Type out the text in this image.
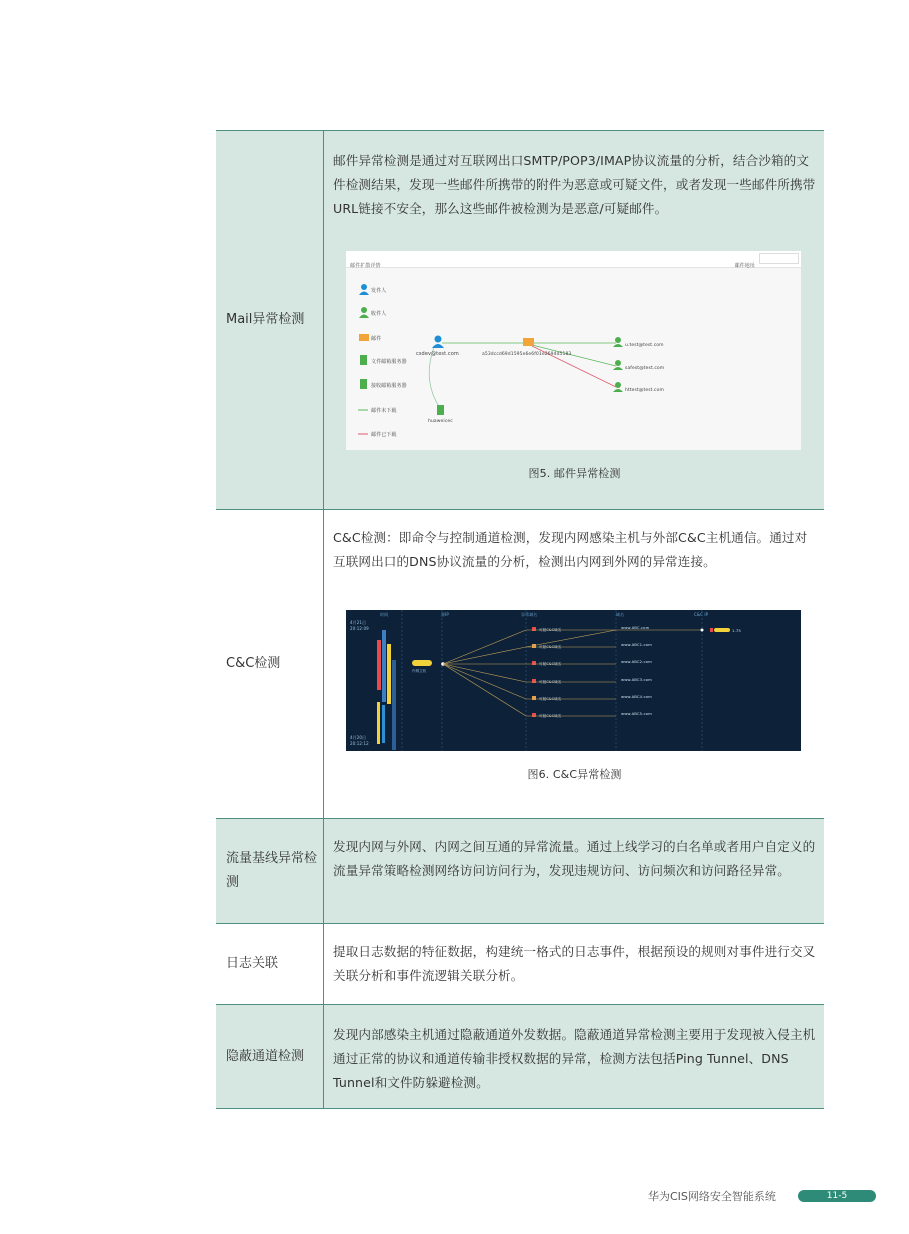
Mail异常检测
邮件异常检测是通过对互联网出口SMTP/POP3/IMAP协议流量的分析，结合沙箱的文件检测结果，发现一些邮件所携带的附件为恶意或可疑文件，或者发现一些邮件所携带URL链接不安全，那么这些邮件被检测为是恶意/可疑邮件。
邮件扩散详情	邮件地址
发件人
收件人
邮件
文件邮箱服务器
接收邮箱服务器
邮件未下载
邮件已下载
csdev@test.com	a53dccd69d1595e6e6f01e2694d5183
u.test@test.com
safest@test.com
httest@test.com
huaweicec
图5. 邮件异常检测
C&C检测
C&C检测：即命令与控制通道检测，发现内网感染主机与外部C&C主机通信。通过对互联网出口的DNS协议流量的分析，检测出内网到外网的异常连接。
时间	源IP	异常域名	域名	C&C IP
4月21日
20:12:09
4月20日
20:12:12
内网主机
可疑C&C域名
可疑C&C域名
可疑C&C域名
可疑C&C域名
可疑C&C域名
可疑C&C域名
www.ABC.com
www.ABC1.com
www.ABC2.com
www.ABC3.com
www.ABC4.com
www.ABC5.com
1.75
图6. C&C异常检测
流量基线异常检测
发现内网与外网、内网之间互通的异常流量。通过上线学习的白名单或者用户自定义的流量异常策略检测网络访问访问行为，发现违规访问、访问频次和访问路径异常。
日志关联
提取日志数据的特征数据，构建统一格式的日志事件，根据预设的规则对事件进行交叉关联分析和事件流逻辑关联分析。
隐蔽通道检测
发现内部感染主机通过隐蔽通道外发数据。隐蔽通道异常检测主要用于发现被入侵主机通过正常的协议和通道传输非授权数据的异常，检测方法包括Ping Tunnel、DNS Tunnel和文件防躲避检测。
华为CIS网络安全智能系统	11-5
